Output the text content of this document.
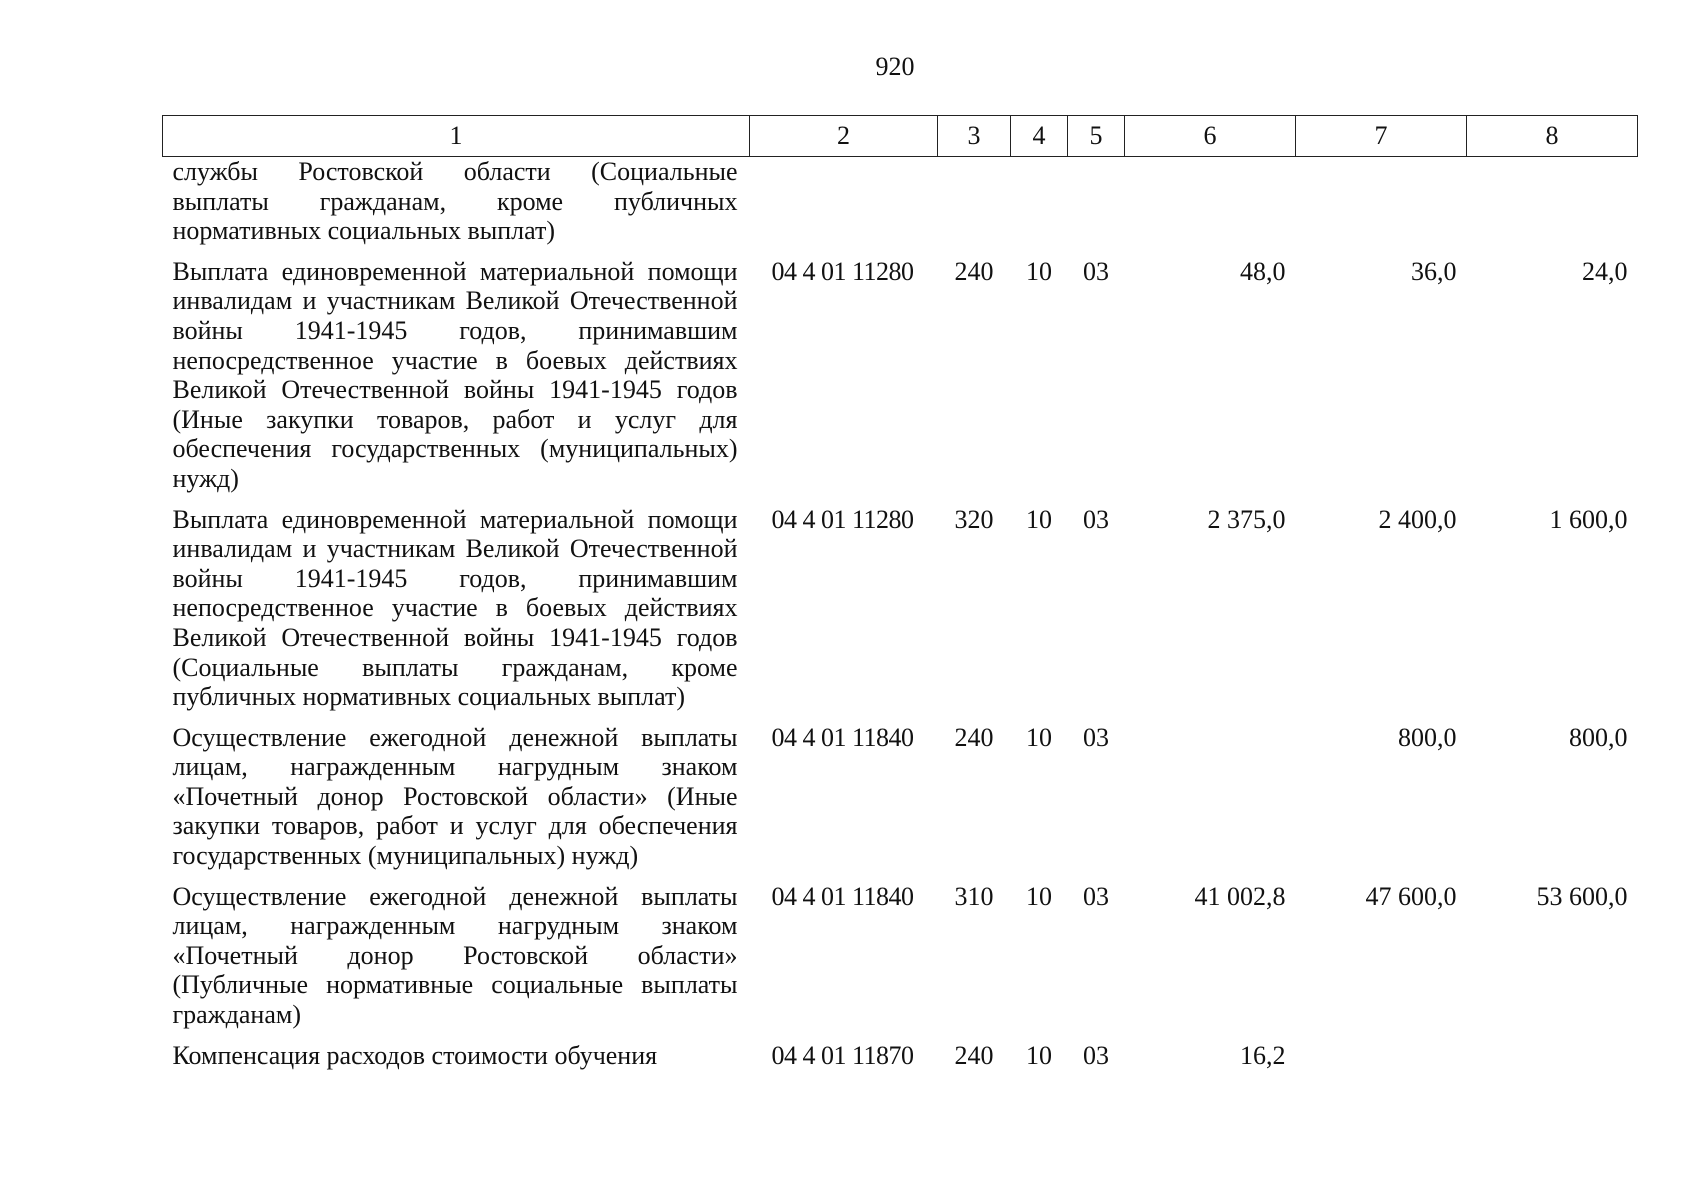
920
1	2	3	4	5	6	7	8
службы Ростовской области (Социальные выплаты гражданам, кроме публичных нормативных социальных выплат)							
Выплата единовременной материальной помощи инвалидам и участникам Великой Отечественной войны 1941-1945 годов, принимавшим непосредственное участие в боевых действиях Великой Отечественной войны 1941-1945 годов (Иные закупки товаров, работ и услуг для обеспечения государственных (муниципальных) нужд)	04 4 01 11280	240	10	03	48,0	36,0	24,0
Выплата единовременной материальной помощи инвалидам и участникам Великой Отечественной войны 1941-1945 годов, принимавшим непосредственное участие в боевых действиях Великой Отечественной войны 1941-1945 годов (Социальные выплаты гражданам, кроме публичных нормативных социальных выплат)	04 4 01 11280	320	10	03	2 375,0	2 400,0	1 600,0
Осуществление ежегодной денежной выплаты лицам, награжденным нагрудным знаком «Почетный донор Ростовской области» (Иные закупки товаров, работ и услуг для обеспечения государственных (муниципальных) нужд)	04 4 01 11840	240	10	03		800,0	800,0
Осуществление ежегодной денежной выплаты лицам, награжденным нагрудным знаком «Почетный донор Ростовской области» (Публичные нормативные социальные выплаты гражданам)	04 4 01 11840	310	10	03	41 002,8	47 600,0	53 600,0
Компенсация расходов стоимости обучения	04 4 01 11870	240	10	03	16,2		
